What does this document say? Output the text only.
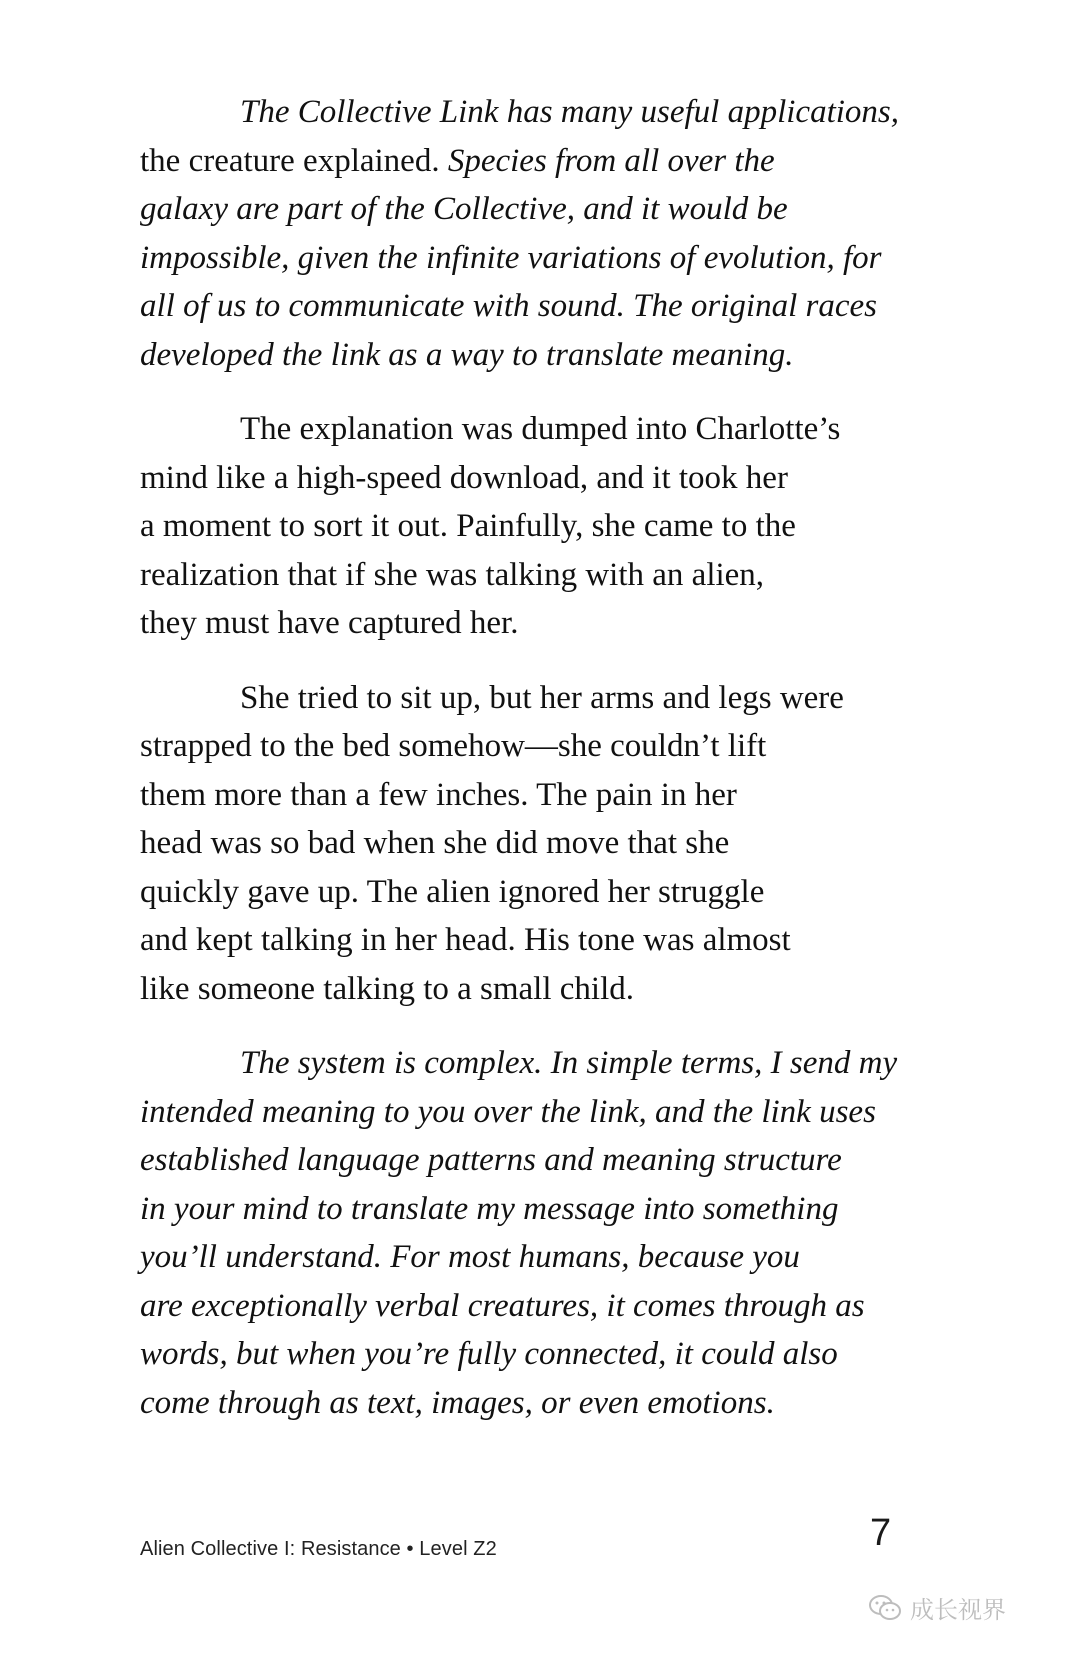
The Collective Link has many useful applications,
the creature explained. Species from all over the
galaxy are part of the Collective, and it would be
impossible, given the infinite variations of evolution, for
all of us to communicate with sound. The original races
developed the link as a way to translate meaning.
The explanation was dumped into Charlotte’s
mind like a high-speed download, and it took her
a moment to sort it out. Painfully, she came to the
realization that if she was talking with an alien,
they must have captured her.
She tried to sit up, but her arms and legs were
strapped to the bed somehow—she couldn’t lift
them more than a few inches. The pain in her
head was so bad when she did move that she
quickly gave up. The alien ignored her struggle
and kept talking in her head. His tone was almost
like someone talking to a small child.
The system is complex. In simple terms, I send my
intended meaning to you over the link, and the link uses
established language patterns and meaning structure
in your mind to translate my message into something
you’ll understand. For most humans, because you
are exceptionally verbal creatures, it comes through as
words, but when you’re fully connected, it could also
come through as text, images, or even emotions.
Alien Collective I: Resistance • Level Z2	7
成长视界
